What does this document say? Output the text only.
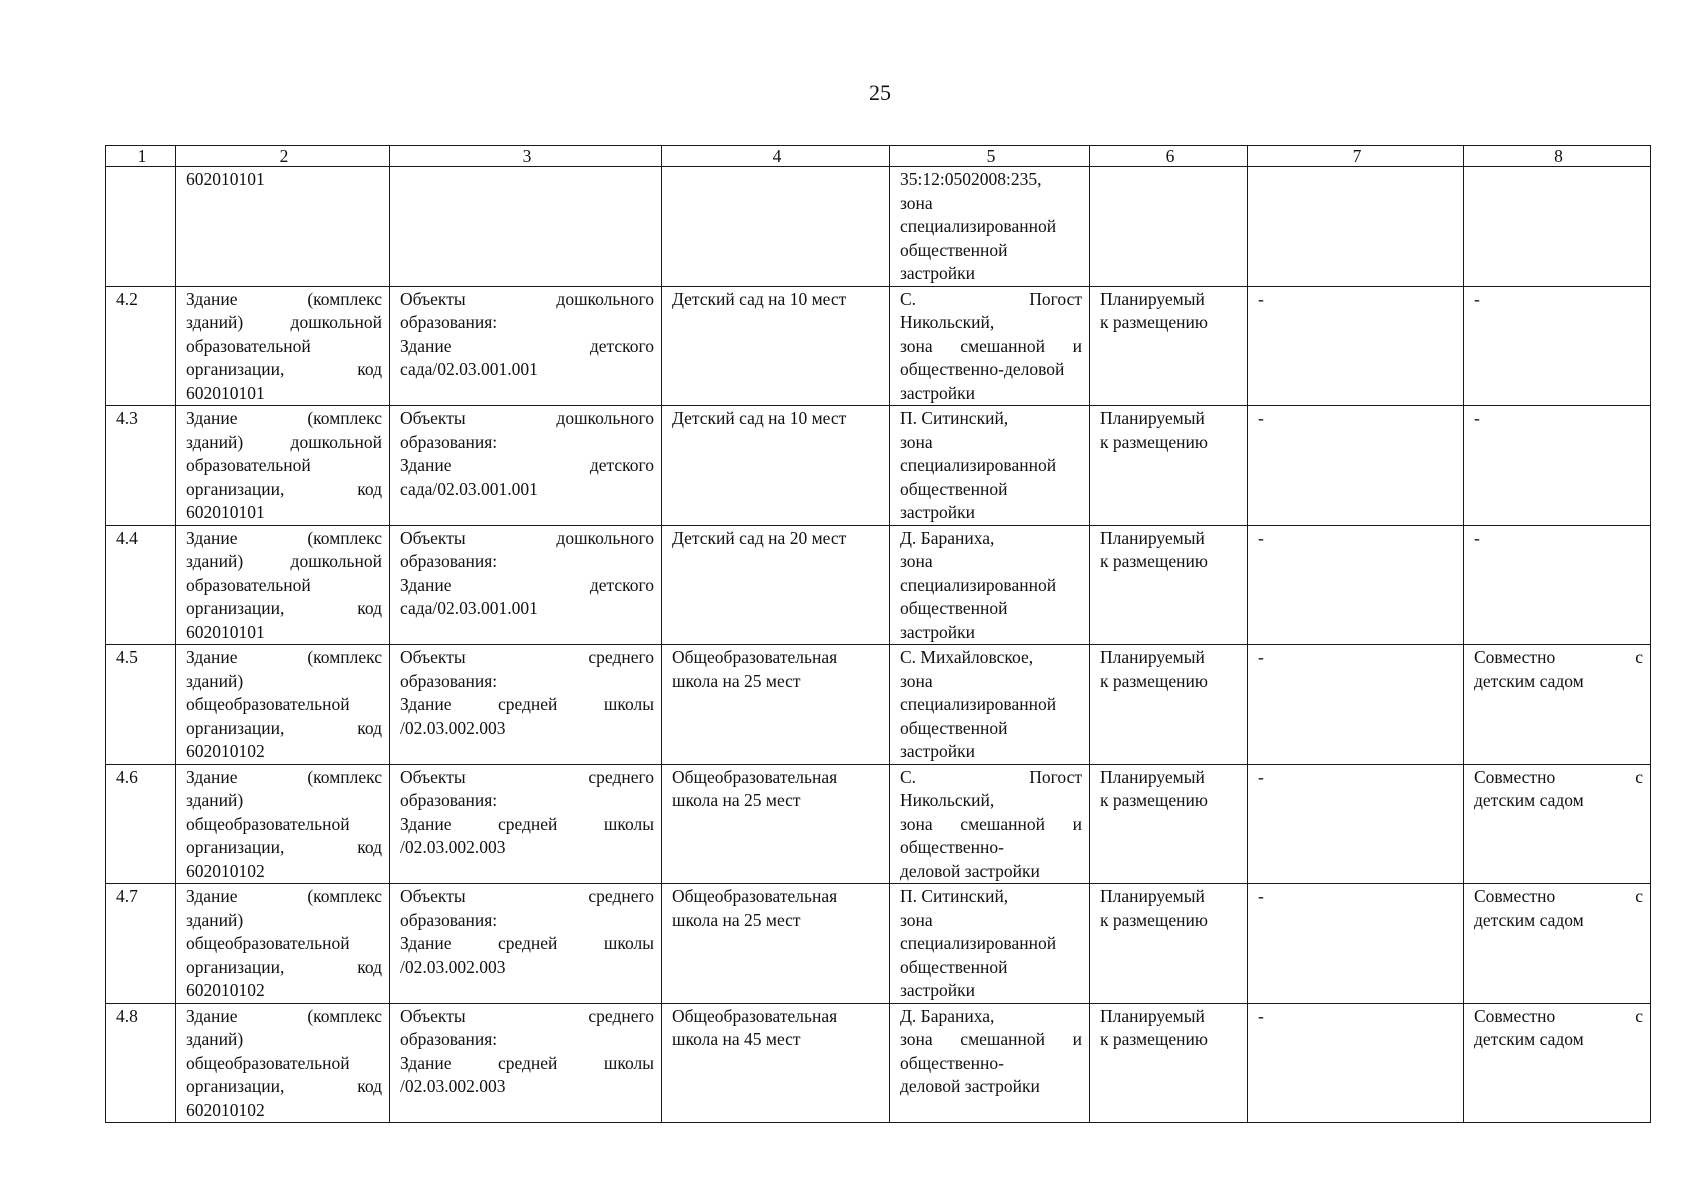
25
1	2	3	4	5	6	7	8

	602010101			35:12:0502008:235,
зона
специализированной
общественной
застройки			

4.2	Здание (комплекс
зданий) дошкольной
образовательной
организации, код
602010101	Объекты дошкольного
образования:
Здание детского
сада/02.03.001.001	Детский сад на 10 мест	С. Погост
Никольский,
зона смешанной и
общественно-деловой
застройки	Планируемый
к размещению	-	-

4.3	Здание (комплекс
зданий) дошкольной
образовательной
организации, код
602010101	Объекты дошкольного
образования:
Здание детского
сада/02.03.001.001	Детский сад на 10 мест	П. Ситинский,
зона
специализированной
общественной
застройки	Планируемый
к размещению	-	-

4.4	Здание (комплекс
зданий) дошкольной
образовательной
организации, код
602010101	Объекты дошкольного
образования:
Здание детского
сада/02.03.001.001	Детский сад на 20 мест	Д. Бараниха,
зона
специализированной
общественной
застройки	Планируемый
к размещению	-	-

4.5	Здание (комплекс
зданий)
общеобразовательной
организации, код
602010102	Объекты среднего
образования:
Здание средней школы
/02.03.002.003	Общеобразовательная
школа на 25 мест	С. Михайловское,
зона
специализированной
общественной
застройки	Планируемый
к размещению	-	Совместно с
детским садом

4.6	Здание (комплекс
зданий)
общеобразовательной
организации, код
602010102	Объекты среднего
образования:
Здание средней школы
/02.03.002.003	Общеобразовательная
школа на 25 мест	С. Погост
Никольский,
зона смешанной и
общественно-
деловой застройки	Планируемый
к размещению	-	Совместно с
детским садом

4.7	Здание (комплекс
зданий)
общеобразовательной
организации, код
602010102	Объекты среднего
образования:
Здание средней школы
/02.03.002.003	Общеобразовательная
школа на 25 мест	П. Ситинский,
зона
специализированной
общественной
застройки	Планируемый
к размещению	-	Совместно с
детским садом

4.8	Здание (комплекс
зданий)
общеобразовательной
организации, код
602010102	Объекты среднего
образования:
Здание средней школы
/02.03.002.003	Общеобразовательная
школа на 45 мест	Д. Бараниха,
зона смешанной и
общественно-
деловой застройки	Планируемый
к размещению	-	Совместно с
детским садом
